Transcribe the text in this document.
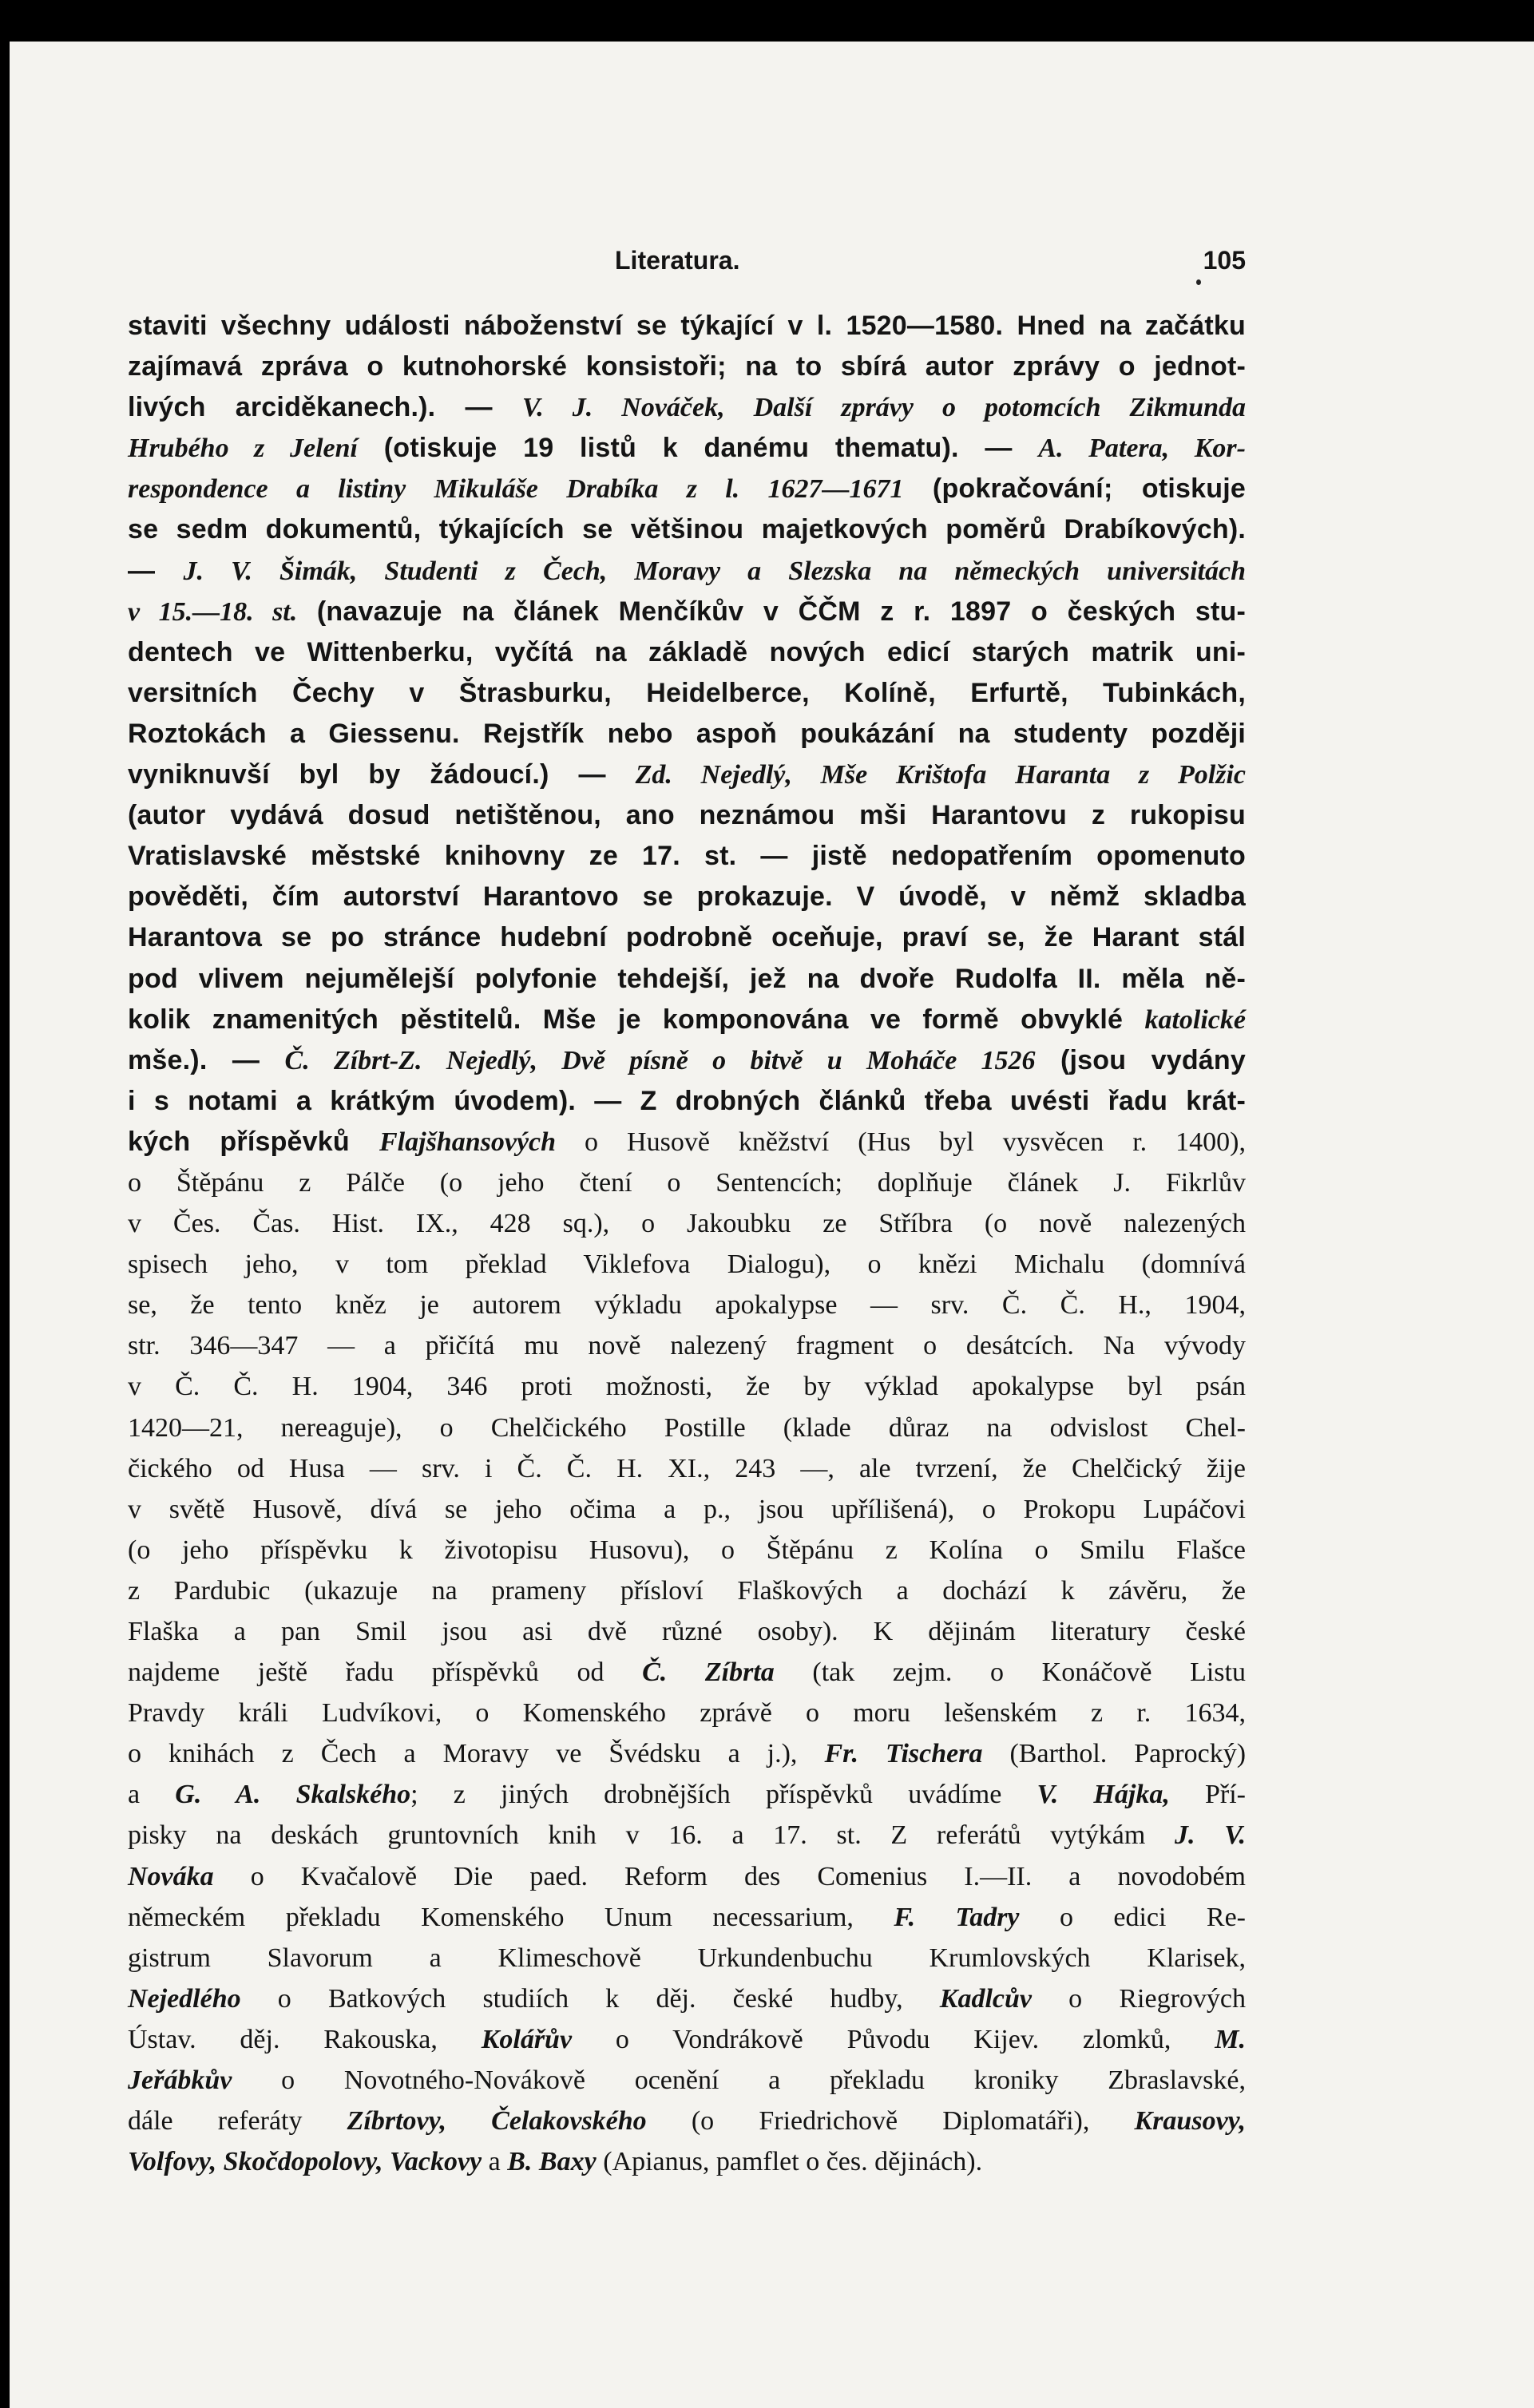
Literatura.	105
staviti všechny události náboženství se týkající v l. 1520—1580. Hned na začátku
zajímavá zpráva o kutnohorské konsistoři; na to sbírá autor zprávy o jednot-
livých arciděkanech.). — V. J. Nováček, Další zprávy o potomcích Zikmunda
Hrubého z Jelení (otiskuje 19 listů k danému thematu). — A. Patera, Kor-
respondence a listiny Mikuláše Drabíka z l. 1627—1671 (pokračování; otiskuje
se sedm dokumentů, týkajících se většinou majetkových poměrů Drabíkových).
— J. V. Šimák, Studenti z Čech, Moravy a Slezska na německých universitách
v 15.—18. st. (navazuje na článek Menčíkův v ČČM z r. 1897 o českých stu-
dentech ve Wittenberku, vyčítá na základě nových edicí starých matrik uni-
versitních Čechy v Štrasburku, Heidelberce, Kolíně, Erfurtě, Tubinkách,
Roztokách a Giessenu. Rejstřík nebo aspoň poukázání na studenty později
vyniknuvší byl by žádoucí.) — Zd. Nejedlý, Mše Krištofa Haranta z Polžic
(autor vydává dosud netištěnou, ano neznámou mši Harantovu z rukopisu
Vratislavské městské knihovny ze 17. st. — jistě nedopatřením opomenuto
pověděti, čím autorství Harantovo se prokazuje. V úvodě, v němž skladba
Harantova se po stránce hudební podrobně oceňuje, praví se, že Harant stál
pod vlivem nejumělejší polyfonie tehdejší, jež na dvoře Rudolfa II. měla ně-
kolik znamenitých pěstitelů. Mše je komponována ve formě obvyklé katolické
mše.). — Č. Zíbrt-Z. Nejedlý, Dvě písně o bitvě u Moháče 1526 (jsou vydány
i s notami a krátkým úvodem). — Z drobných článků třeba uvésti řadu krát-
kých příspěvků Flajšhansových o Husově kněžství (Hus byl vysvěcen r. 1400),
o Štěpánu z Pálče (o jeho čtení o Sentencích; doplňuje článek J. Fikrlův
v Čes. Čas. Hist. IX., 428 sq.), o Jakoubku ze Stříbra (o nově nalezených
spisech jeho, v tom překlad Viklefova Dialogu), o knězi Michalu (domnívá
se, že tento kněz je autorem výkladu apokalypse — srv. Č. Č. H., 1904,
str. 346—347 — a přičítá mu nově nalezený fragment o desátcích. Na vývody
v Č. Č. H. 1904, 346 proti možnosti, že by výklad apokalypse byl psán
1420—21, nereaguje), o Chelčického Postille (klade důraz na odvislost Chel-
čického od Husa — srv. i Č. Č. H. XI., 243 —, ale tvrzení, že Chelčický žije
v světě Husově, dívá se jeho očima a p., jsou upřílišená), o Prokopu Lupáčovi
(o jeho příspěvku k životopisu Husovu), o Štěpánu z Kolína o Smilu Flašce
z Pardubic (ukazuje na prameny přísloví Flaškových a dochází k závěru, že
Flaška a pan Smil jsou asi dvě různé osoby). K dějinám literatury české
najdeme ještě řadu příspěvků od Č. Zíbrta (tak zejm. o Konáčově Listu
Pravdy králi Ludvíkovi, o Komenského zprávě o moru lešenském z r. 1634,
o knihách z Čech a Moravy ve Švédsku a j.), Fr. Tischera (Barthol. Paprocký)
a G. A. Skalského; z jiných drobnějších příspěvků uvádíme V. Hájka, Pří-
pisky na deskách gruntovních knih v 16. a 17. st. Z referátů vytýkám J. V.
Nováka o Kvačalově Die paed. Reform des Comenius I.—II. a novodobém
německém překladu Komenského Unum necessarium, F. Tadry o edici Re-
gistrum Slavorum a Klimeschově Urkundenbuchu Krumlovských Klarisek,
Nejedlého o Batkových studiích k děj. české hudby, Kadlcův o Riegrových
Ústav. děj. Rakouska, Kolářův o Vondrákově Původu Kijev. zlomků, M.
Jeřábkův o Novotného-Novákově ocenění a překladu kroniky Zbraslavské,
dále referáty Zíbrtovy, Čelakovského (o Friedrichově Diplomatáři), Krausovy,
Volfovy, Skočdopolovy, Vackovy a B. Baxy (Apianus, pamflet o čes. dějinách).
